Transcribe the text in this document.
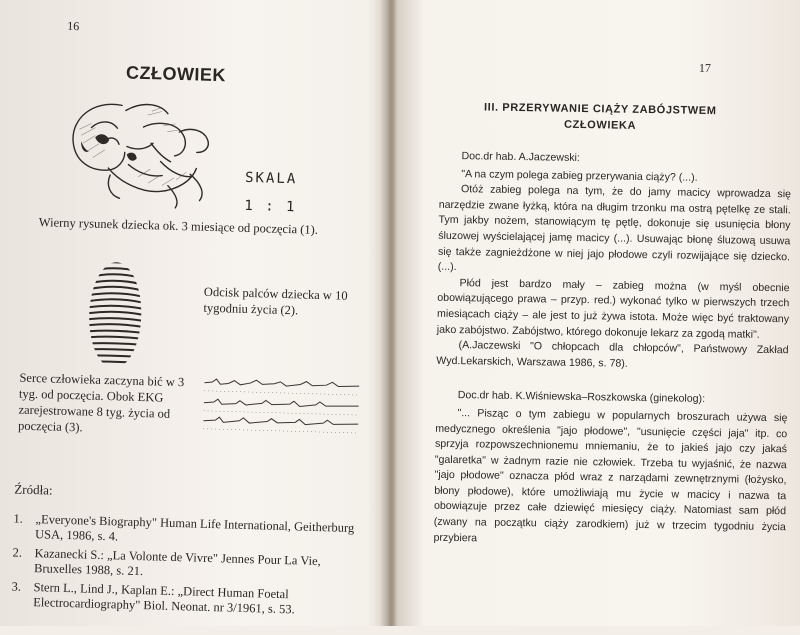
16
CZŁOWIEK
SKALA
1 : 1
Wierny rysunek dziecka ok. 3 miesiące od poczęcia (1).
Odcisk palców dziecka w 10 tygodniu życia (2).
Serce człowieka zaczyna bić w 3 tyg. od poczęcia. Obok EKG zarejestrowane 8 tyg. życia od poczęcia (3).
Źródła:
1. „Everyone's Biography" Human Life International, Geitherburg USA, 1986, s. 4.
2. Kazanecki S.: „La Volonte de Vivre" Jennes Pour La Vie, Bruxelles 1988, s. 21.
3. Stern L., Lind J., Kaplan E.: „Direct Human Foetal Electrocardiography" Biol. Neonat. nr 3/1961, s. 53.
17
III. PRZERYWANIE CIĄŻY ZABÓJSTWEM
CZŁOWIEKA

Doc.dr hab. A.Jaczewski:

"A na czym polega zabieg przerywania ciąży? (...).

Otóż zabieg polega na tym, że do jamy macicy wprowadza się narzędzie zwane łyżką, która na długim trzonku ma ostrą pętelkę ze stali. Tym jakby nożem, stanowiącym tę pętlę, dokonuje się usunięcia błony śluzowej wyścielającej jamę macicy (...). Usuwając błonę śluzową usuwa się także zagnieżdżone w niej jajo płodowe czyli rozwijające się dziecko. (...).

Płód jest bardzo mały – zabieg można (w myśl obecnie obowiązującego prawa – przyp. red.) wykonać tylko w pierwszych trzech miesiącach ciąży – ale jest to już żywa istota. Może więc być traktowany jako zabójstwo. Zabójstwo, którego dokonuje lekarz za zgodą matki".

(A.Jaczewski "O chłopcach dla chłopców", Państwowy Zakład Wyd.Lekarskich, Warszawa 1986, s. 78).

Doc.dr hab. K.Wiśniewska–Roszkowska (ginekolog):

"... Pisząc o tym zabiegu w popularnych broszurach używa się medycznego określenia "jajo płodowe", "usunięcie części jaja" itp. co sprzyja rozpowszechnionemu mniemaniu, że to jakieś jajo czy jakaś "galaretka" w żadnym razie nie człowiek. Trzeba tu wyjaśnić, że nazwa "jajo płodowe" oznacza płód wraz z narządami zewnętrznymi (łożysko, błony płodowe), które umożliwiają mu życie w macicy i nazwa ta obowiązuje przez całe dziewięć miesięcy ciąży. Natomiast sam płód (zwany na początku ciąży zarodkiem) już w trzecim tygodniu życia przybiera
